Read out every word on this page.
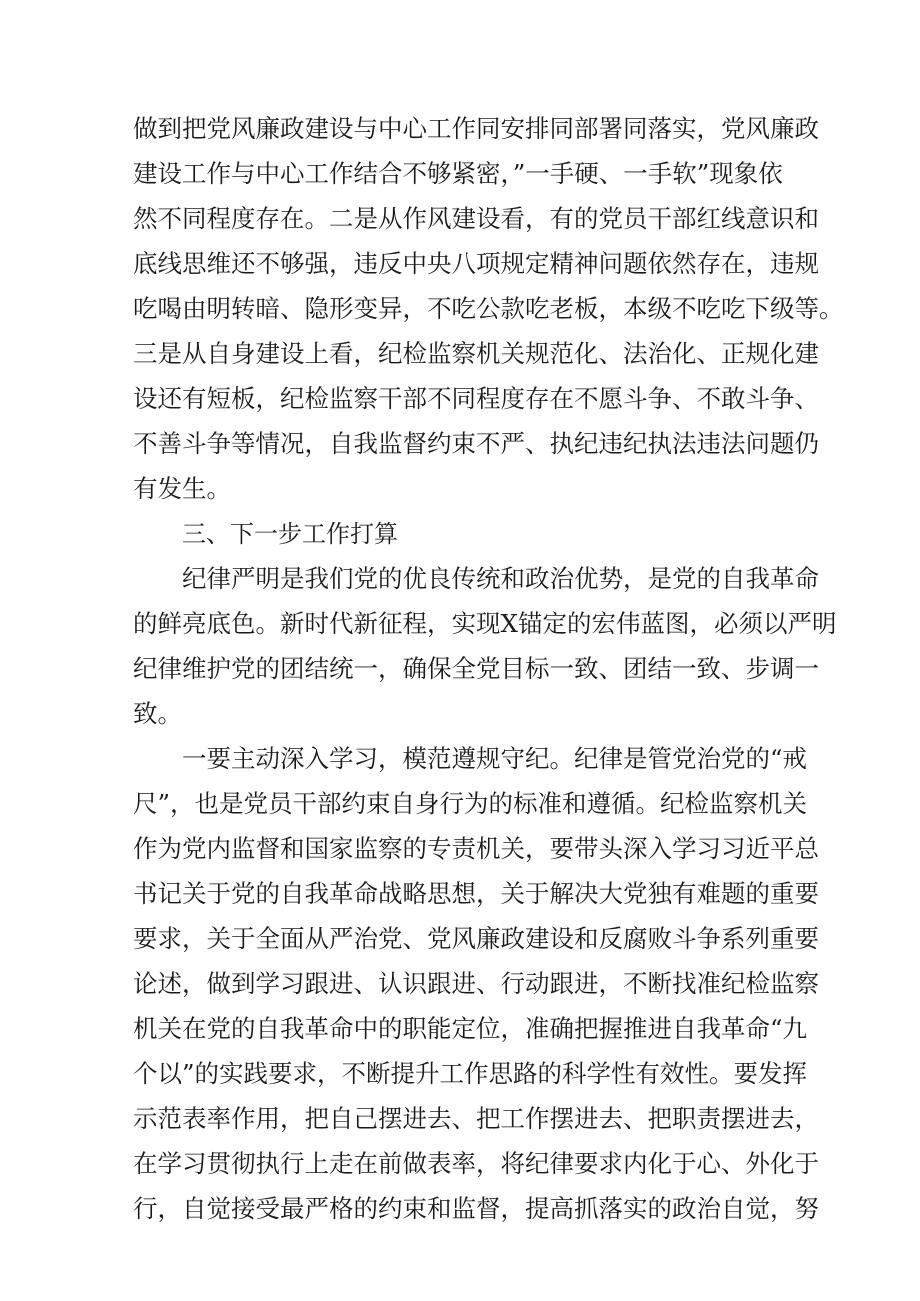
做到把党风廉政建设与中心工作同安排同部署同落实，党风廉政
建设工作与中心工作结合不够紧密，”一手硬、一手软”现象依
然不同程度存在。二是从作风建设看，有的党员干部红线意识和
底线思维还不够强，违反中央八项规定精神问题依然存在，违规
吃喝由明转暗、隐形变异，不吃公款吃老板，本级不吃吃下级等。
三是从自身建设上看，纪检监察机关规范化、法治化、正规化建
设还有短板，纪检监察干部不同程度存在不愿斗争、不敢斗争、
不善斗争等情况，自我监督约束不严、执纪违纪执法违法问题仍
有发生。
三、下一步工作打算
纪律严明是我们党的优良传统和政治优势，是党的自我革命
的鲜亮底色。新时代新征程，实现X锚定的宏伟蓝图，必须以严明
纪律维护党的团结统一，确保全党目标一致、团结一致、步调一
致。
一要主动深入学习，模范遵规守纪。纪律是管党治党的“戒
尺”，也是党员干部约束自身行为的标准和遵循。纪检监察机关
作为党内监督和国家监察的专责机关，要带头深入学习习近平总
书记关于党的自我革命战略思想，关于解决大党独有难题的重要
要求，关于全面从严治党、党风廉政建设和反腐败斗争系列重要
论述，做到学习跟进、认识跟进、行动跟进，不断找准纪检监察
机关在党的自我革命中的职能定位，准确把握推进自我革命“九
个以”的实践要求，不断提升工作思路的科学性有效性。要发挥
示范表率作用，把自己摆进去、把工作摆进去、把职责摆进去，
在学习贯彻执行上走在前做表率，将纪律要求内化于心、外化于
行，自觉接受最严格的约束和监督，提高抓落实的政治自觉，努
